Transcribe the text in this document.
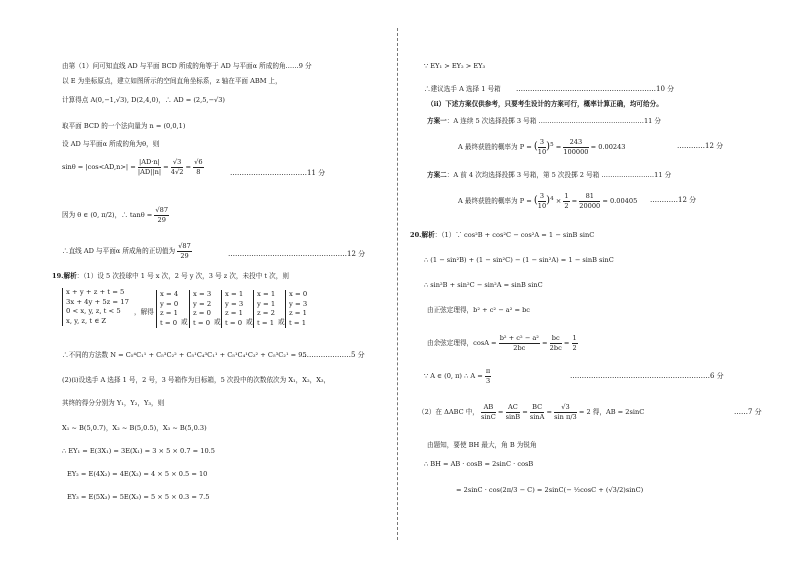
由第（1）问可知直线 AD 与平面 BCD 所成的角等于 AD 与平面α 所成的角……9 分
以 E 为坐标原点，建立如图所示的空间直角坐标系，z 轴在平面 ABM 上，
计算得点 A(0,−1,√3), D(2,4,0)，∴ AD = (2,5,−√3)
取平面 BCD 的一个法向量为 n = (0,0,1)
设 AD 与平面α 所成的角为θ，则
$\sin\theta = |\cos<AD,n>| = \frac{|AD\cdot n|}{|AD||n|} = \frac{√3}{4√2} = \frac{√6}{8}$	……………………………11 分
因为 θ ∈ (0, π/2)，∴ $\tan\theta = \frac{√87}{29}$
∴直线 AD 与平面α 所成角的正切值为 $\frac{√87}{29}$	……………………………………………12 分
19.解析：（1）设 5 次投球中 1 号 x 次，2 号 y 次，3 号 z 次，未投中 t 次，则
x + y + z + t = 5
3x + 4y + 5z = 17
0 < x, y, z, t < 5
x, y, z, t ∈ Z
，解得
x = 4
y = 0
z = 1
t = 0 或
x = 3
y = 2
z = 0
t = 0 或
x = 1
y = 3
z = 1
t = 0 或
x = 1
y = 1
z = 2
t = 1 或
x = 0
y = 3
z = 1
t = 1
∴不同的方法数 N = C₅⁴C₁¹ + C₅³C₂² + C₅¹C₄³C₁¹ + C₅¹C₄¹C₃² + C₅³C₂¹ = 95
…………………5 分
(2)(i)设选手 A 选择 1 号，2 号，3 号箱作为目标箱，5 次投中的次数依次为 X₁，X₂，X₃，
其终的得分分别为 Y₁，Y₂，Y₃，则
X₁ ~ B(5,0.7)，X₂ ~ B(5,0.5)，X₃ ~ B(5,0.3)
∴ EY₁ = E(3X₁) = 3E(X₁) = 3 × 5 × 0.7 = 10.5
EY₂ = E(4X₂) = 4E(X₂) = 4 × 5 × 0.5 = 10
EY₃ = E(5X₃) = 5E(X₃) = 5 × 5 × 0.3 = 7.5
∵ EY₁ > EY₂ > EY₃
∴建议选手 A 选择 1 号箱 ……………………………………………………10 分
（ii）下述方案仅供参考，只要考生设计的方案可行，概率计算正确，均可给分。
方案一：A 连续 5 次选择投掷 3 号箱 …………………………………………11 分
A 最终获胜的概率为 P = ( $\frac{3}{10} )^5 = \frac{243}{100000} = 0.00243$	…………12 分
方案二：A 前 4 次均选择投掷 3 号箱，第 5 次投掷 2 号箱 ……………………11 分
A 最终获胜的概率为 P = ( $\frac{3}{10} )^4 \times \frac{1}{2} = \frac{81}{20000} = 0.00405$ …………12 分
20.解析：（1）∵ cos²B + cos²C − cos²A = 1 − sinB sinC
∴ (1 − sin²B) + (1 − sin²C) − (1 − sin²A) = 1 − sinB sinC
∴ sin²B + sin²C − sin²A = sinB sinC
由正弦定理得，b² + c² − a² = bc
由余弦定理得，$\cos A = \frac{\text{b² + c² − a²}}{2bc} = \frac{bc}{2bc} = \frac{1}{2}$
∵ A ∈ (0, π) ∴ $A = \frac{\pi}{3}$	……………………………………………………6 分
（2）在 ΔABC 中， $\frac{AB}{\sin C} = \frac{AC}{\sin B} = \frac{BC}{\sin A} = \frac{√3}{\text{sin π/3}} = 2$ 得，AB = 2sinC	……7 分
由题知，要使 BH 最大，角 B 为锐角
∴ BH = AB · cosB = 2sinC · cosB
= 2sinC · cos(2π/3 − C) = 2sinC(− ½cosC + (√3/2)sinC)
